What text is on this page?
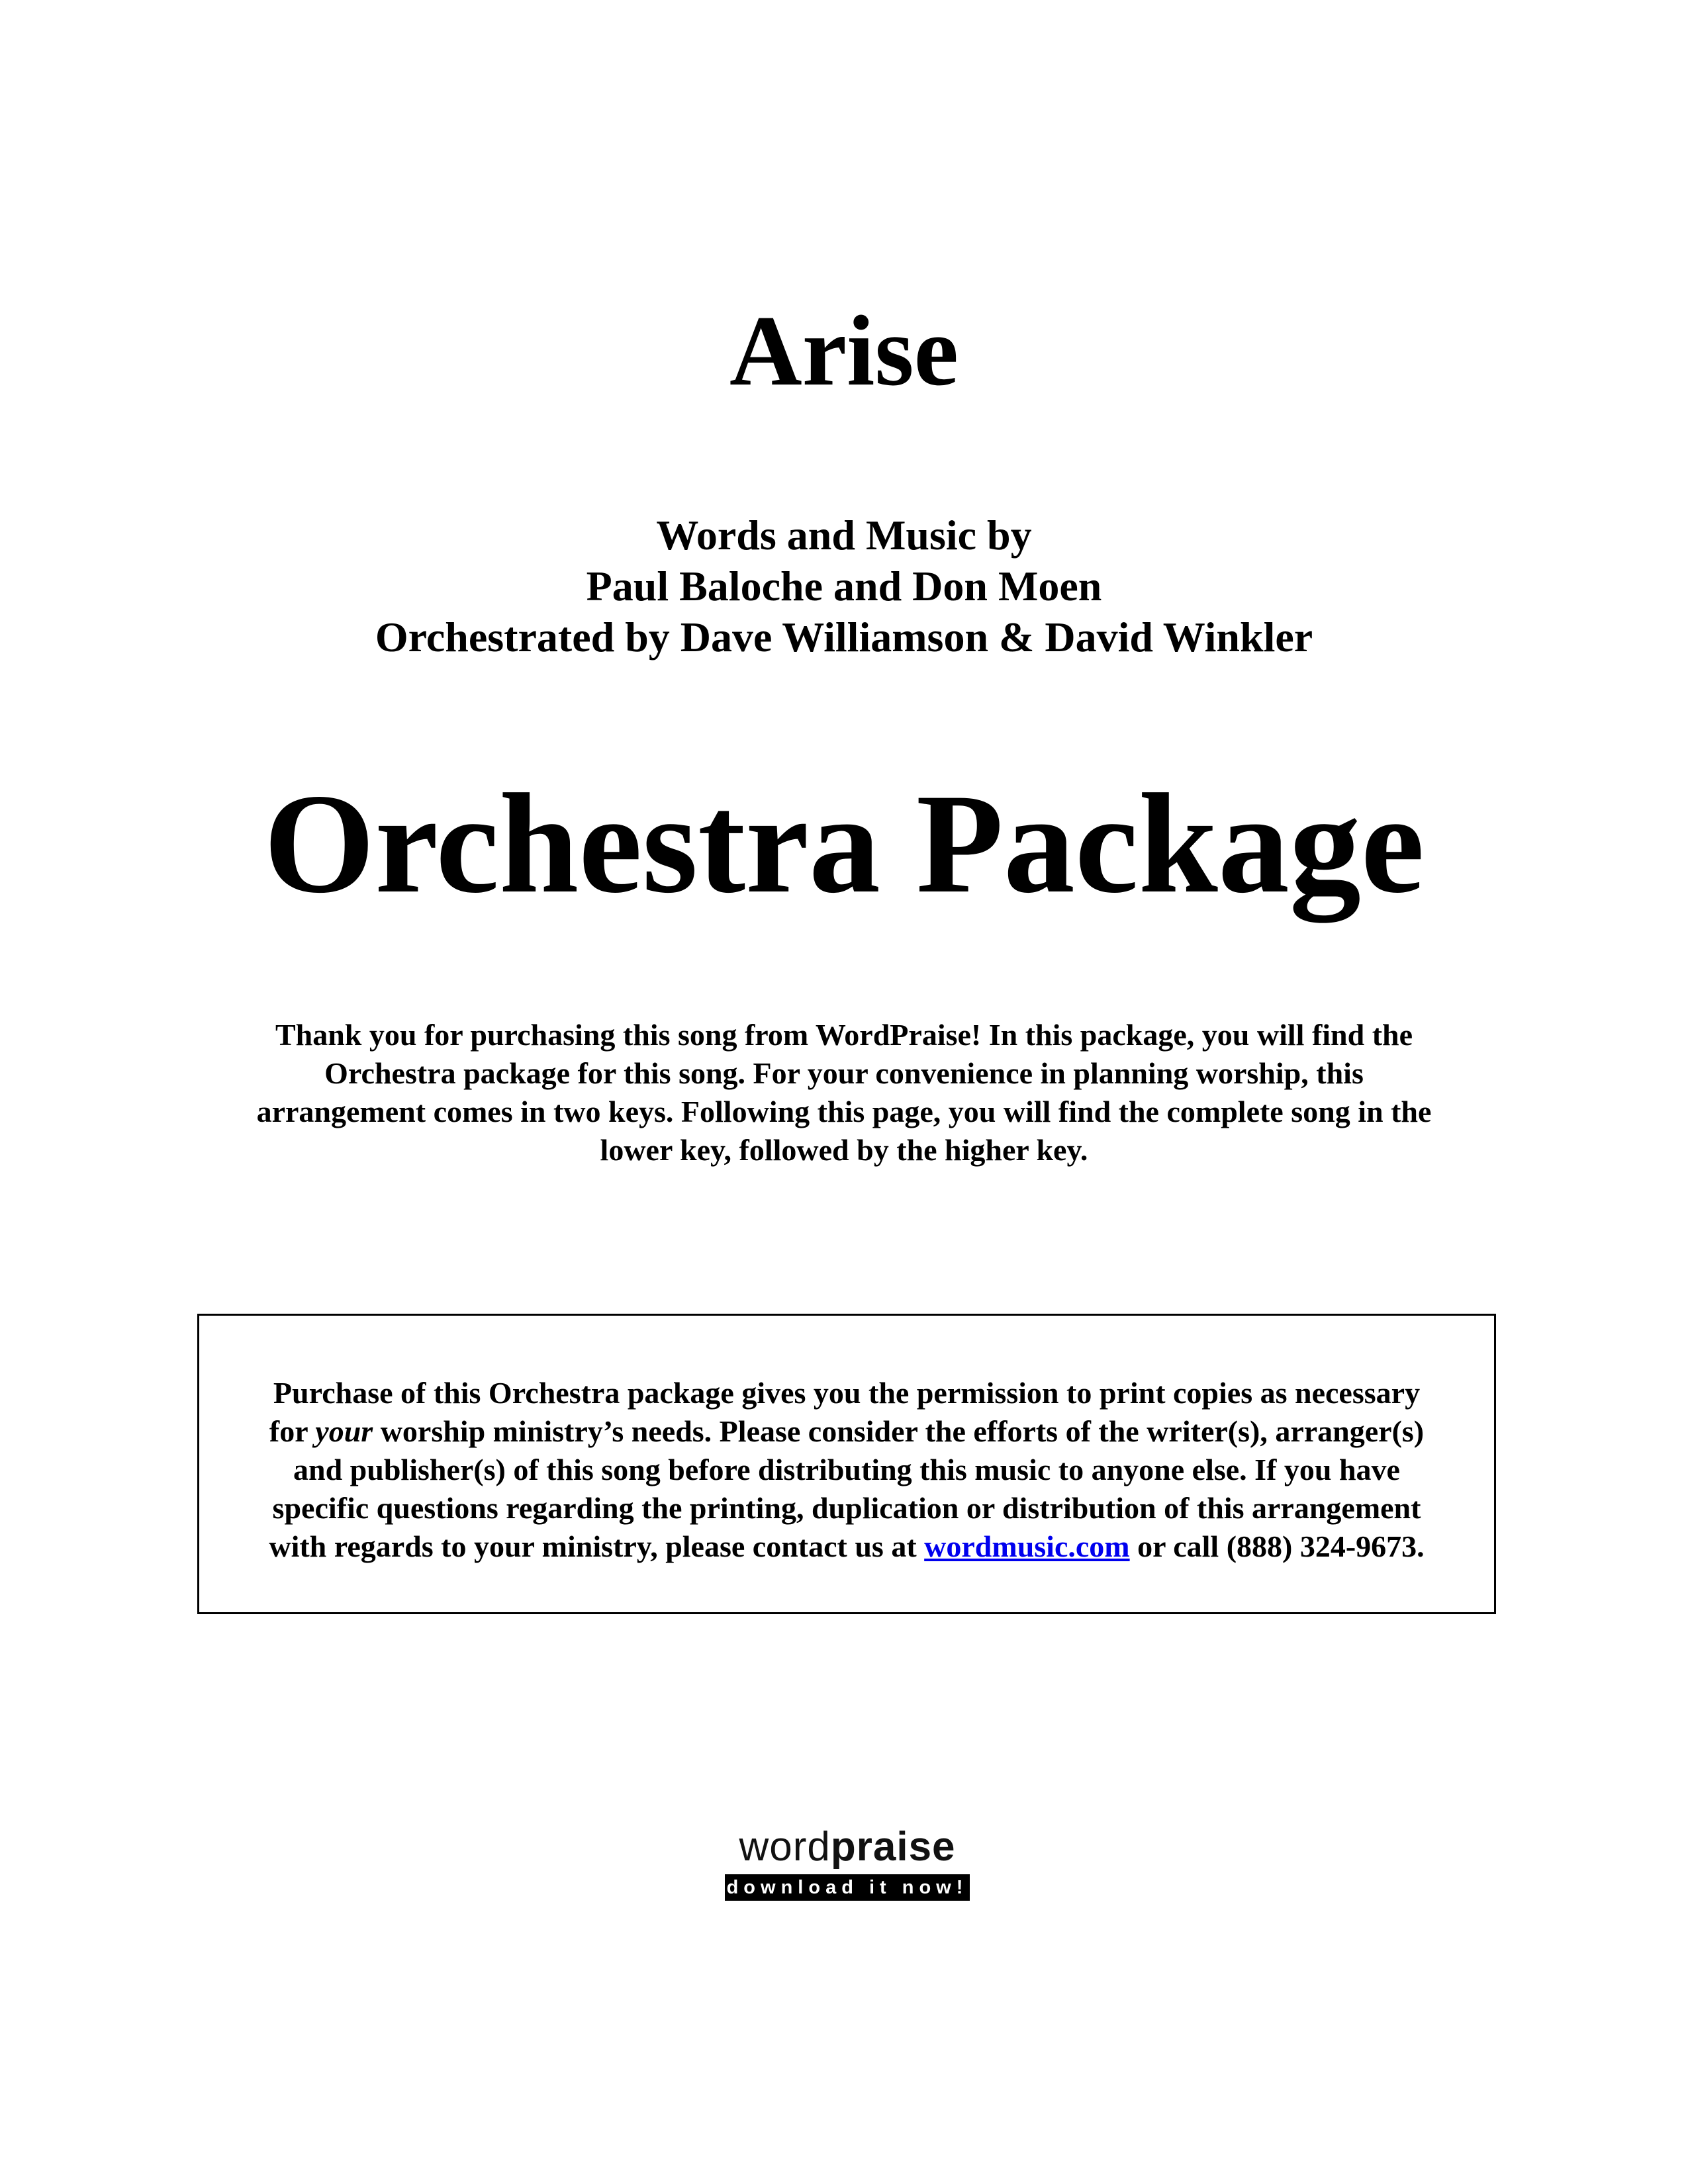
Arise
Words and Music by
Paul Baloche and Don Moen
Orchestrated by Dave Williamson & David Winkler
Orchestra Package
Thank you for purchasing this song from WordPraise! In this package, you will find the
Orchestra package for this song. For your convenience in planning worship, this
arrangement comes in two keys. Following this page, you will find the complete song in the
lower key, followed by the higher key.
Purchase of this Orchestra package gives you the permission to print copies as necessary
for your worship ministry’s needs. Please consider the efforts of the writer(s), arranger(s)
and publisher(s) of this song before distributing this music to anyone else. If you have
specific questions regarding the printing, duplication or distribution of this arrangement
with regards to your ministry, please contact us at wordmusic.com or call (888) 324-9673.
wordpraise
download it now!
